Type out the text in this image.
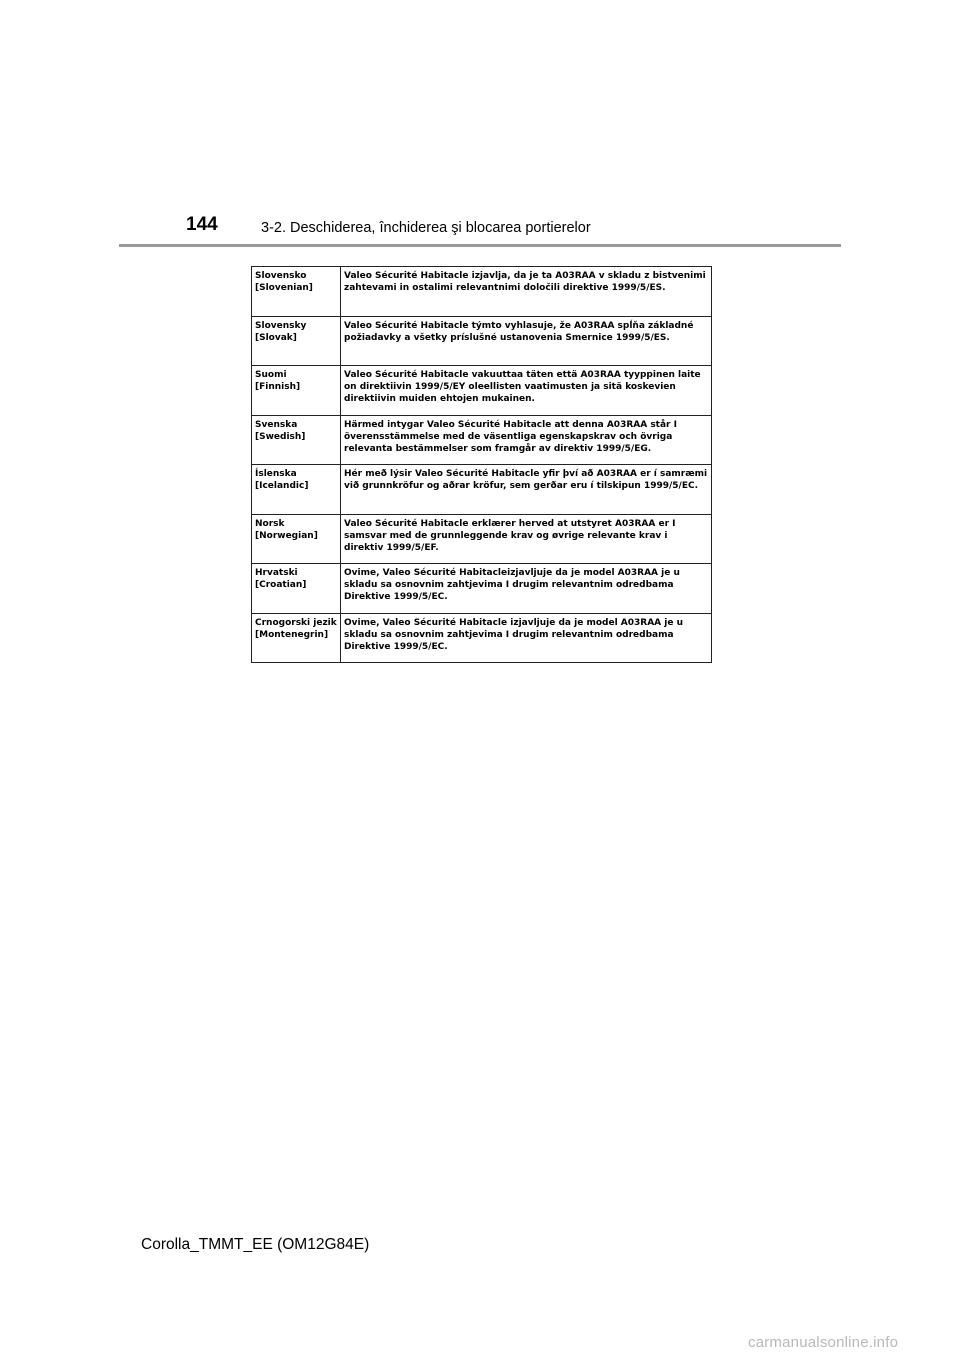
144	3-2. Deschiderea, închiderea şi blocarea portierelor
Slovensko
[Slovenian]	Valeo Sécurité Habitacle izjavlja, da je ta A03RAA v skladu z bistvenimi zahtevami in ostalimi relevantnimi določili direktive 1999/5/ES.

Slovensky
[Slovak]	Valeo Sécurité Habitacle týmto vyhlasuje, že A03RAA spĺňa základné požiadavky a všetky príslušné ustanovenia Smernice 1999/5/ES.

Suomi
[Finnish]	Valeo Sécurité Habitacle vakuuttaa täten että A03RAA tyyppinen laite on direktiivin 1999/5/EY oleellisten vaatimusten ja sitä koskevien direktiivin muiden ehtojen mukainen.

Svenska
[Swedish]	Härmed intygar Valeo Sécurité Habitacle att denna A03RAA står I överensstämmelse med de väsentliga egenskapskrav och övriga relevanta bestämmelser som framgår av direktiv 1999/5/EG.

Íslenska
[Icelandic]	Hér með lýsir Valeo Sécurité Habitacle yfir því að A03RAA er í samræmi við grunnkröfur og aðrar kröfur, sem gerðar eru í tilskipun 1999/5/EC.

Norsk
[Norwegian]	Valeo Sécurité Habitacle erklærer herved at utstyret A03RAA er I samsvar med de grunnleggende krav og øvrige relevante krav i direktiv 1999/5/EF.

Hrvatski
[Croatian]	Ovime, Valeo Sécurité Habitacleizjavljuje da je model A03RAA je u skladu sa osnovnim zahtjevima I drugim relevantnim odredbama Direktive 1999/5/EC.

Crnogorski jezik
[Montenegrin]	Ovime, Valeo Sécurité Habitacle izjavljuje da je model A03RAA je u skladu sa osnovnim zahtjevima I drugim relevantnim odredbama Direktive 1999/5/EC.
Corolla_TMMT_EE (OM12G84E)
carmanualsonline.info
